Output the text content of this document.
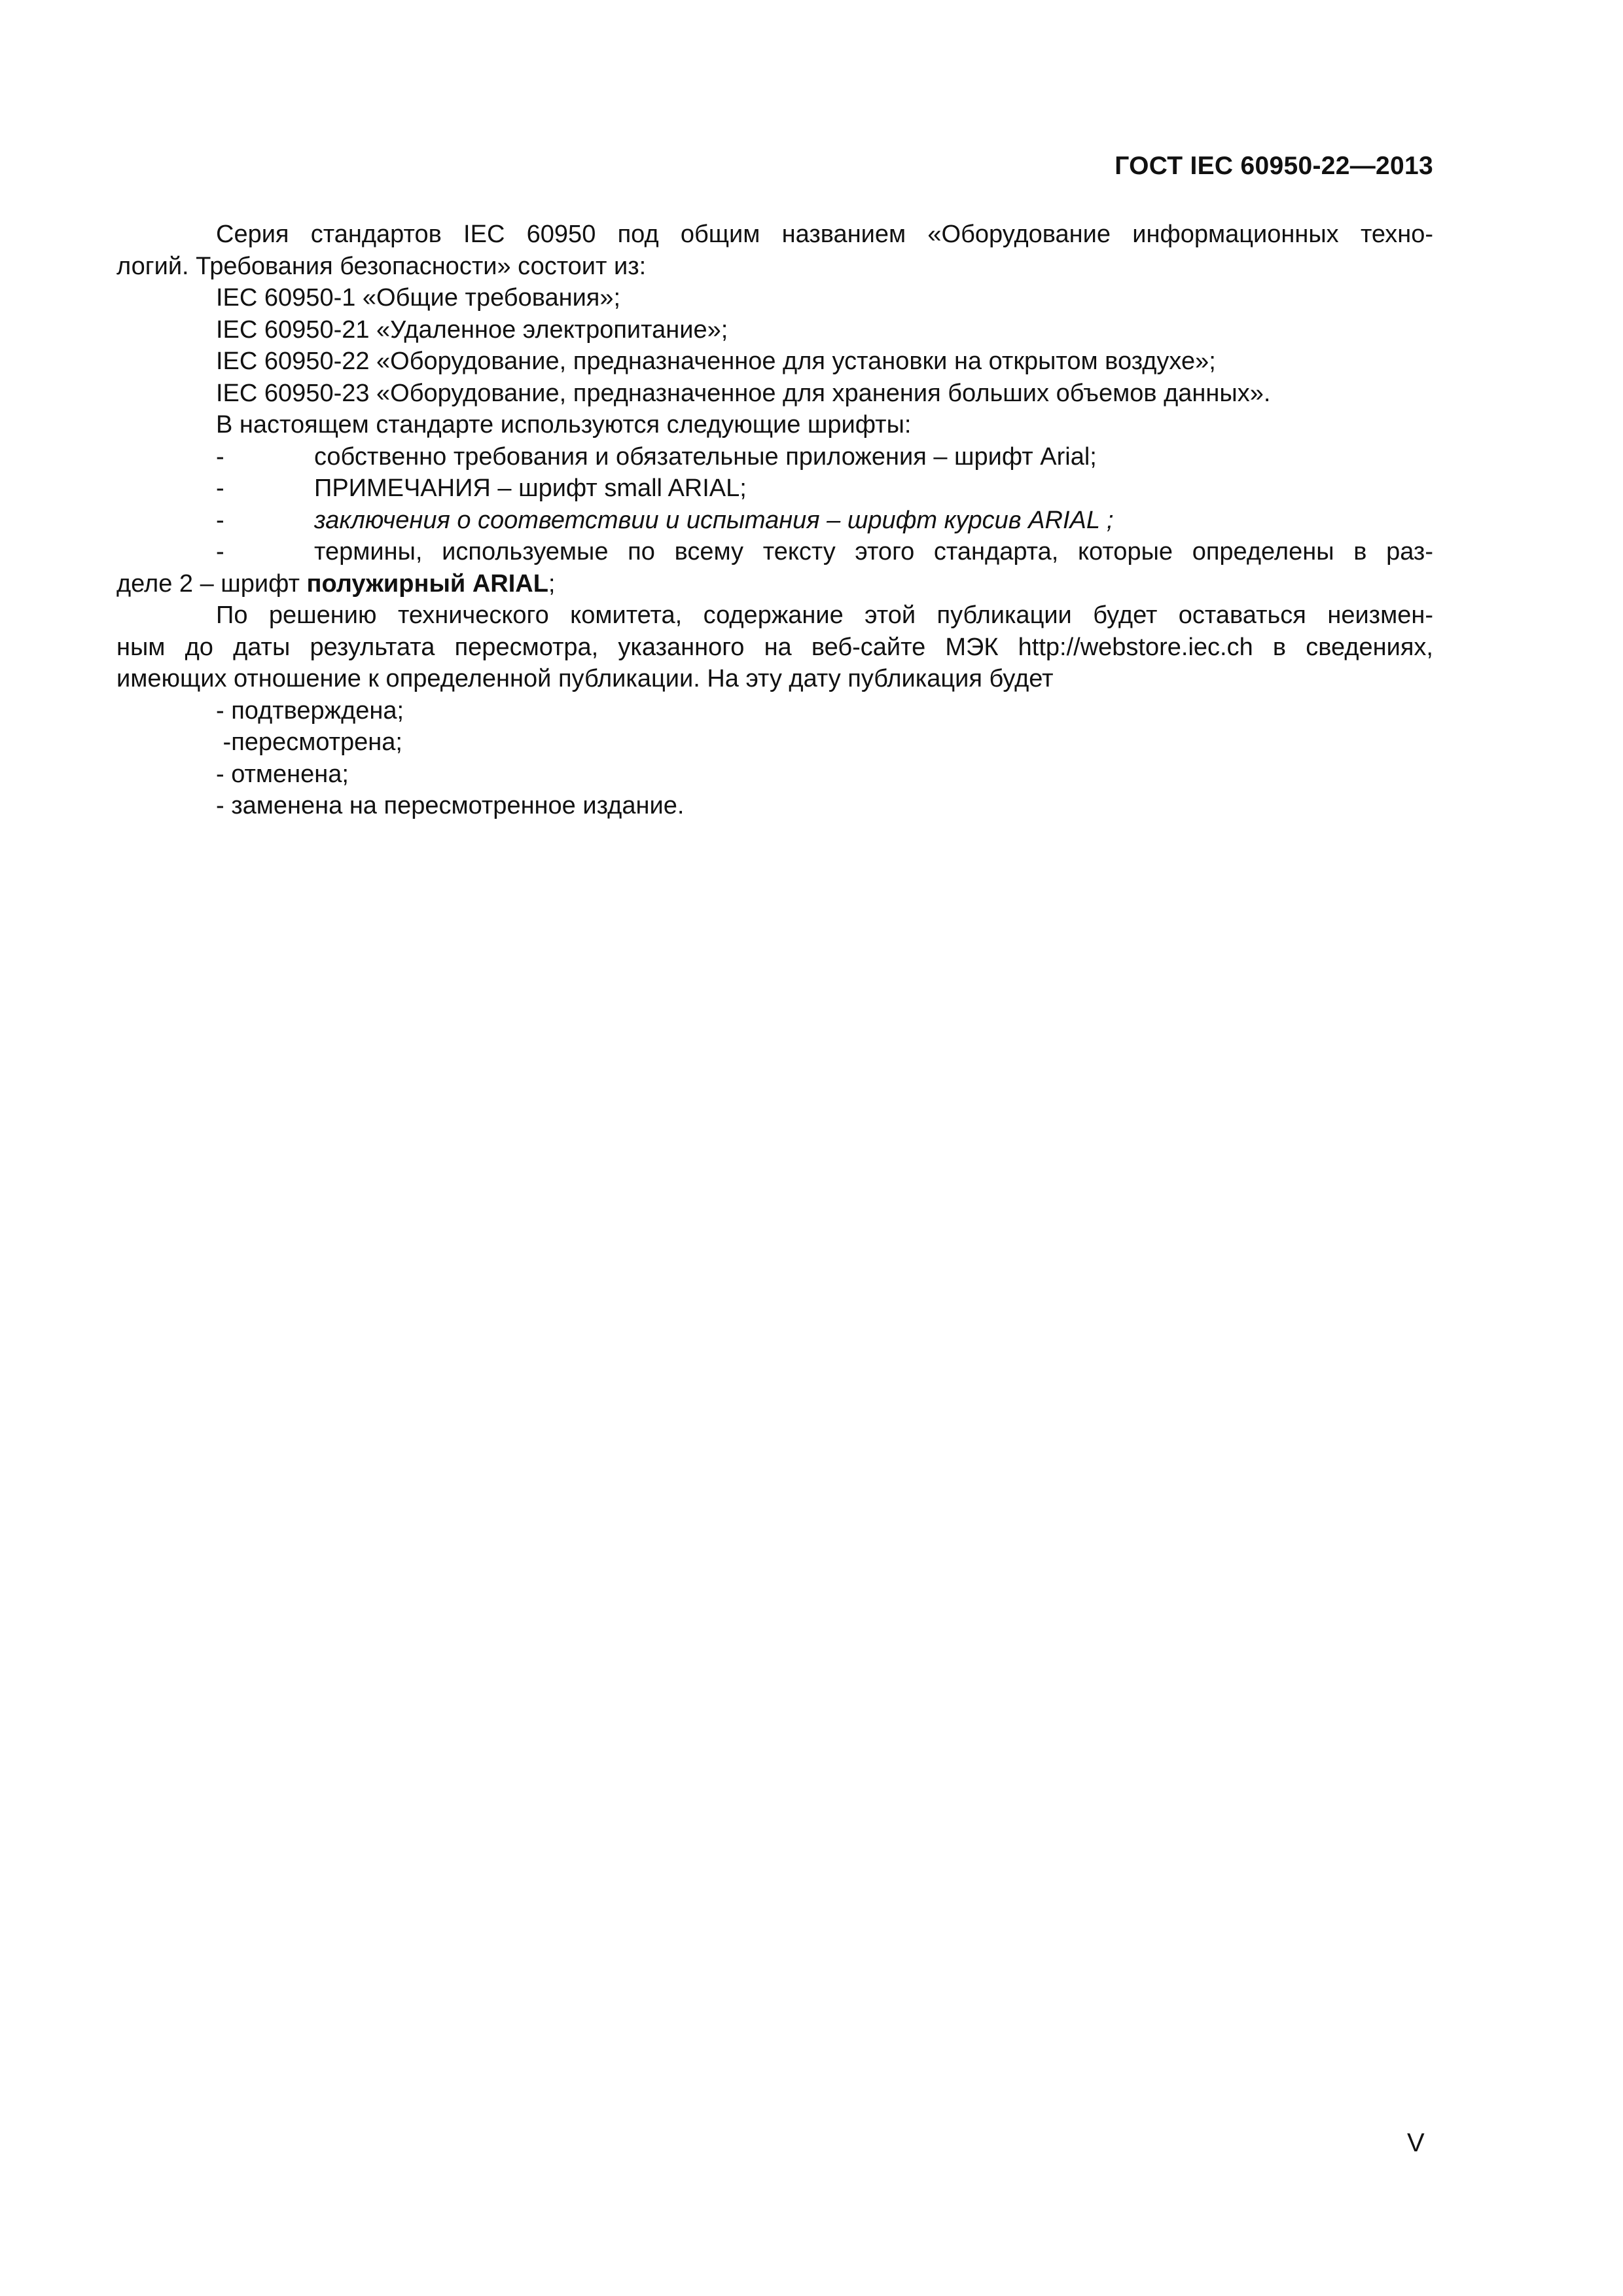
ГОСТ IEC 60950-22—2013
Серия стандартов IEC 60950 под общим названием «Оборудование информационных техно-
логий. Требования безопасности» состоит из:
IEC 60950-1 «Общие требования»;
IEC 60950-21 «Удаленное электропитание»;
IEC 60950-22 «Оборудование, предназначенное для установки на открытом воздухе»;
IEC 60950-23 «Оборудование, предназначенное для хранения больших объемов данных».
В настоящем стандарте используются следующие шрифты:
-	собственно требования и обязательные приложения – шрифт Arial;
-	ПРИМЕЧАНИЯ – шрифт small ARIAL;
-	заключения о соответствии и испытания – шрифт курсив ARIAL ;
-	термины, используемые по всему тексту этого стандарта, которые определены в раз-
деле 2 – шрифт полужирный ARIAL;
По решению технического комитета, содержание этой публикации будет оставаться неизмен-
ным до даты результата пересмотра, указанного на веб-сайте МЭК http://webstore.iec.ch в сведениях,
имеющих отношение к определенной публикации. На эту дату публикация будет
- подтверждена;
-пересмотрена;
- отменена;
- заменена на пересмотренное издание.
V
